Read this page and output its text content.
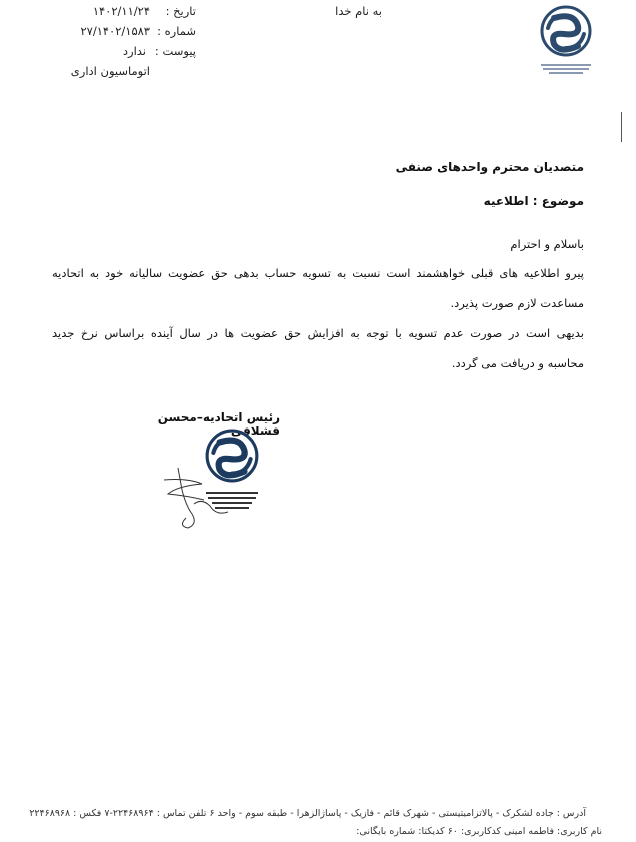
به نام خدا
تاریخ :
۱۴۰۲/۱۱/۲۴
شماره :
۲۷/۱۴۰۲/۱۵۸۳
پیوست :
ندارد
اتوماسیون اداری
متصدیان محترم واحدهای صنفی
موضوع : اطلاعیه
باسلام و احترام
پیرو اطلاعیه های قبلی خواهشمند است نسبت به تسویه حساب بدهی حق عضویت سالیانه خود به اتحادیه
مساعدت لازم صورت پذیرد.
بدیهی است در صورت عدم تسویه با توجه به افزایش حق عضویت ها در سال آینده براساس نرخ جدید
محاسبه و دریافت می گردد.
رئیس اتحادیه–محسن قشلاقی
آدرس : جاده لشکرک - پالاتزامیتیستی - شهرک قائم - فازیک - پاساژالزهرا - طبقه سوم - واحد ۶ تلفن تماس : ۲۲۴۶۸۹۶۴-۷ فکس : ۲۲۴۶۸۹۶۸
نام کاربری: فاطمه امینی کدکاربری: ۶۰ کدیکتا: شماره بایگانی:
